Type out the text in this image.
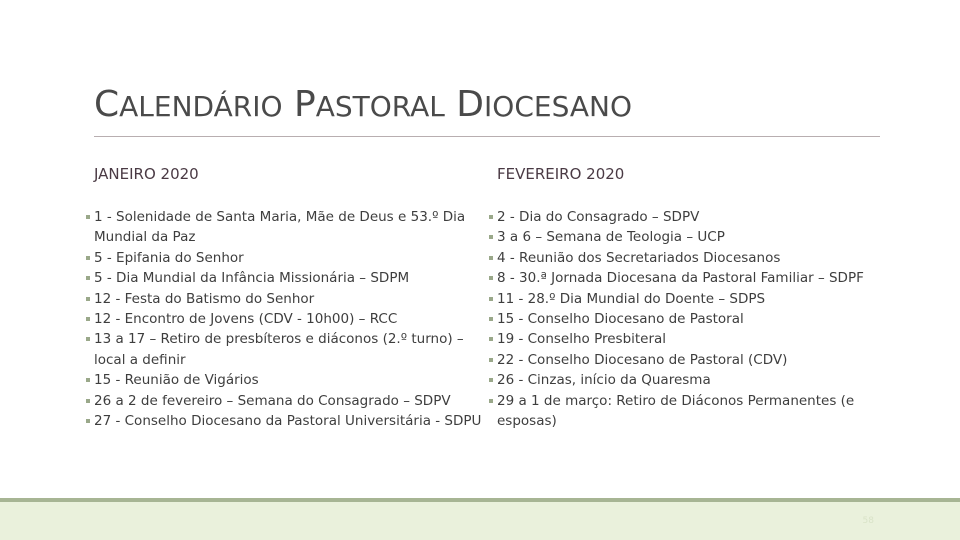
CALENDÁRIO PASTORAL DIOCESANO
JANEIRO 2020	FEVEREIRO 2020
1 - Solenidade de Santa Maria, Mãe de Deus e 53.º Dia Mundial da Paz
5 - Epifania do Senhor
5 - Dia Mundial da Infância Missionária – SDPM
12 - Festa do Batismo do Senhor
12 - Encontro de Jovens (CDV - 10h00) – RCC
13 a 17 – Retiro de presbíteros e diáconos (2.º turno) – local a definir
15 - Reunião de Vigários
26 a 2 de fevereiro – Semana do Consagrado – SDPV
27 - Conselho Diocesano da Pastoral Universitária - SDPU
2 - Dia do Consagrado – SDPV
3 a 6 – Semana de Teologia – UCP
4 - Reunião dos Secretariados Diocesanos
8 - 30.ª Jornada Diocesana da Pastoral Familiar – SDPF
11 - 28.º Dia Mundial do Doente – SDPS
15 - Conselho Diocesano de Pastoral
19 - Conselho Presbiteral
22 - Conselho Diocesano de Pastoral (CDV)
26 - Cinzas, início da Quaresma
29 a 1 de março: Retiro de Diáconos Permanentes (e esposas)
58
